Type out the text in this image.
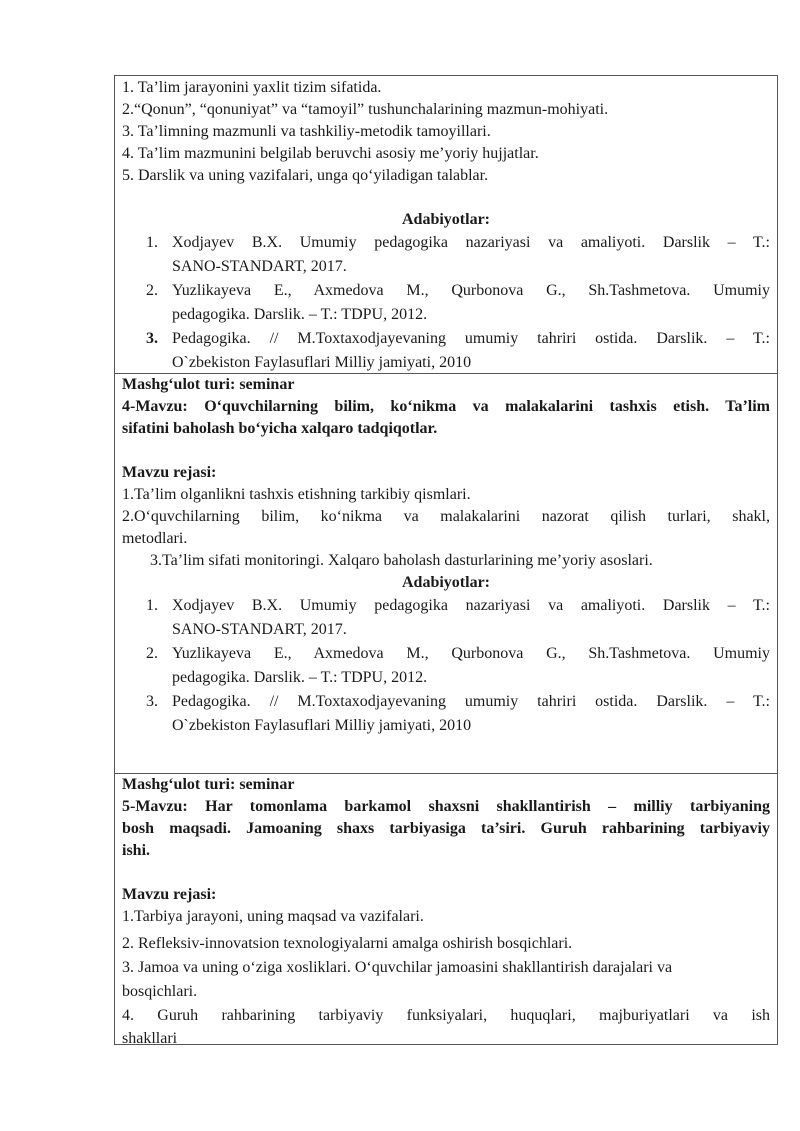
1. Ta’lim jarayonini yaxlit tizim sifatida.
2.“Qonun”, “qonuniyat” va “tamoyil” tushunchalarining mazmun-mohiyati.
3. Ta’limning mazmunli va tashkiliy-metodik tamoyillari.
4. Ta’lim mazmunini belgilab beruvchi asosiy me’yoriy hujjatlar.
5. Darslik va uning vazifalari, unga qo‘yiladigan talablar.
Adabiyotlar:
1. Xodjayev B.X. Umumiy pedagogika nazariyasi va amaliyoti. Darslik – T.:
SANO-STANDART, 2017.
2. Yuzlikayeva E., Axmedova M., Qurbonova G., Sh.Tashmetova. Umumiy
pedagogika. Darslik. – T.: TDPU, 2012.
3. Pedagogika. // M.Toxtaxodjayevaning umumiy tahriri ostida. Darslik. – T.:
O`zbekiston Faylasuflari Milliy jamiyati, 2010
Mashg‘ulot turi: seminar
4-Mavzu: O‘quvchilarning bilim, ko‘nikma va malakalarini tashxis etish. Ta’lim
sifatini baholash bo‘yicha xalqaro tadqiqotlar.
Mavzu rejasi:
1.Ta’lim olganlikni tashxis etishning tarkibiy qismlari.
2.O‘quvchilarning bilim, ko‘nikma va malakalarini nazorat qilish turlari, shakl,
metodlari.
3.Ta’lim sifati monitoringi. Xalqaro baholash dasturlarining me’yoriy asoslari.
Adabiyotlar:
1. Xodjayev B.X. Umumiy pedagogika nazariyasi va amaliyoti. Darslik – T.:
SANO-STANDART, 2017.
2. Yuzlikayeva E., Axmedova M., Qurbonova G., Sh.Tashmetova. Umumiy
pedagogika. Darslik. – T.: TDPU, 2012.
3. Pedagogika. // M.Toxtaxodjayevaning umumiy tahriri ostida. Darslik. – T.:
O`zbekiston Faylasuflari Milliy jamiyati, 2010
Mashg‘ulot turi: seminar
5-Mavzu: Har tomonlama barkamol shaxsni shakllantirish – milliy tarbiyaning
bosh maqsadi. Jamoaning shaxs tarbiyasiga ta’siri. Guruh rahbarining tarbiyaviy
ishi.
Mavzu rejasi:
1.Tarbiya jarayoni, uning maqsad va vazifalari.
2. Refleksiv-innovatsion texnologiyalarni amalga oshirish bosqichlari.
3. Jamoa va uning o‘ziga xosliklari. O‘quvchilar jamoasini shakllantirish darajalari va
bosqichlari.
4. Guruh rahbarining tarbiyaviy funksiyalari, huquqlari, majburiyatlari va ish
shakllari
